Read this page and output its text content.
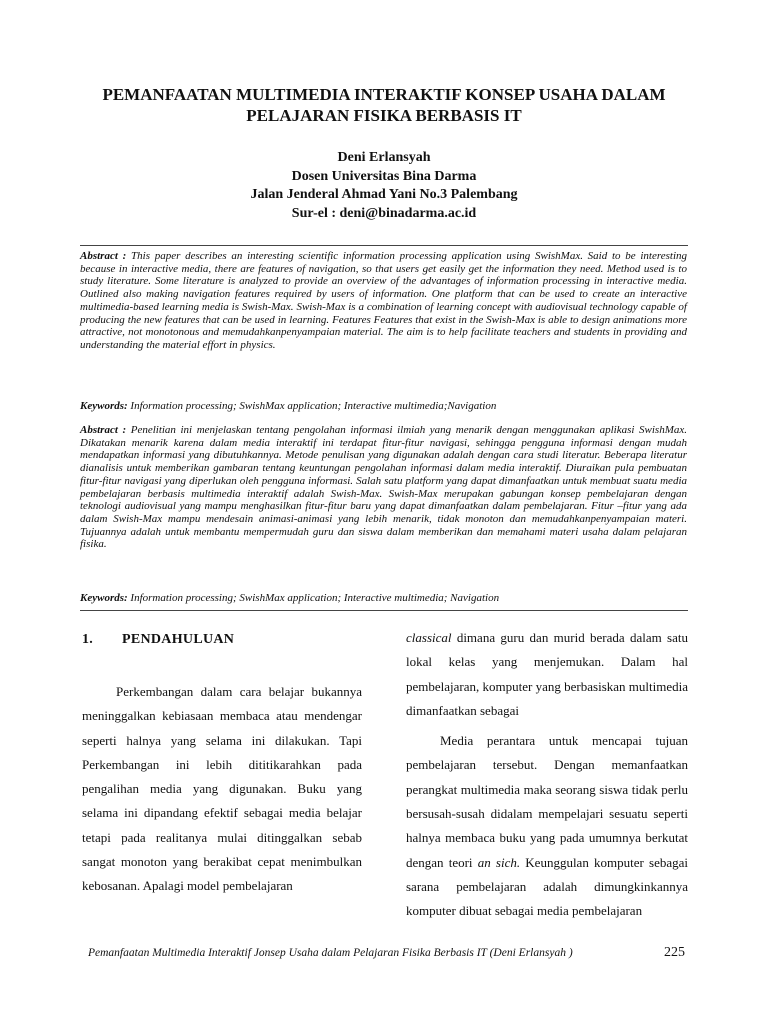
PEMANFAATAN MULTIMEDIA INTERAKTIF KONSEP USAHA DALAM
PELAJARAN FISIKA BERBASIS IT
Deni Erlansyah
Dosen Universitas Bina Darma
Jalan Jenderal Ahmad Yani No.3 Palembang
Sur-el : deni@binadarma.ac.id

Abstract : This paper describes an interesting scientific information processing application using SwishMax. Said to be interesting because in interactive media, there are features of navigation, so that users get easily get the information they need. Method used is to study literature. Some literature is analyzed to provide an overview of the advantages of information processing in interactive media. Outlined also making navigation features required by users of information. One platform that can be used to create an interactive multimedia-based learning media is Swish-Max. Swish-Max is a combination of learning concept with audiovisual technology capable of producing the new features that can be used in learning. Features Features that exist in the Swish-Max is able to design animations more attractive, not monotonous and memudahkanpenyampaian material. The aim is to help facilitate teachers and students in providing and understanding the material effort in physics.

Keywords: Information processing; SwishMax application; Interactive multimedia;Navigation

Abstract : Penelitian ini menjelaskan tentang pengolahan informasi ilmiah yang menarik dengan menggunakan aplikasi SwishMax. Dikatakan menarik karena dalam media interaktif ini terdapat fitur-fitur navigasi, sehingga pengguna informasi dengan mudah mendapatkan informasi yang dibutuhkannya. Metode penulisan yang digunakan adalah dengan cara studi literatur. Beberapa literatur dianalisis untuk memberikan gambaran tentang keuntungan pengolahan informasi dalam media interaktif. Diuraikan pula pembuatan fitur-fitur navigasi yang diperlukan oleh pengguna informasi. Salah satu platform yang dapat dimanfaatkan untuk membuat suatu media pembelajaran berbasis multimedia interaktif adalah Swish-Max. Swish-Max merupakan gabungan konsep pembelajaran dengan teknologi audiovisual yang mampu menghasilkan fitur-fitur baru yang dapat dimanfaatkan dalam pembelajaran. Fitur –fitur yang ada dalam Swish-Max mampu mendesain animasi-animasi yang lebih menarik, tidak monoton dan memudahkanpenyampaian materi. Tujuannya adalah untuk membantu mempermudah guru dan siswa dalam memberikan dan memahami materi usaha dalam pelajaran fisika.

Keywords: Information processing; SwishMax application; Interactive multimedia; Navigation

1. PENDAHULUAN

Perkembangan dalam cara belajar bukannya meninggalkan kebiasaan membaca atau mendengar seperti halnya yang selama ini dilakukan. Tapi Perkembangan ini lebih dititikarahkan pada pengalihan media yang digunakan. Buku yang selama ini dipandang efektif sebagai media belajar tetapi pada realitanya mulai ditinggalkan sebab sangat monoton yang berakibat cepat menimbulkan kebosanan. Apalagi model pembelajaran

classical dimana guru dan murid berada dalam satu lokal kelas yang menjemukan. Dalam hal pembelajaran, komputer yang berbasiskan multimedia dimanfaatkan sebagai

Media perantara untuk mencapai tujuan pembelajaran tersebut. Dengan memanfaatkan perangkat multimedia maka seorang siswa tidak perlu bersusah-susah didalam mempelajari sesuatu seperti halnya membaca buku yang pada umumnya berkutat dengan teori an sich. Keunggulan komputer sebagai sarana pembelajaran adalah dimungkinkannya komputer dibuat sebagai media pembelajaran

Pemanfaatan Multimedia Interaktif Jonsep Usaha dalam Pelajaran Fisika Berbasis IT (Deni Erlansyah )	225
